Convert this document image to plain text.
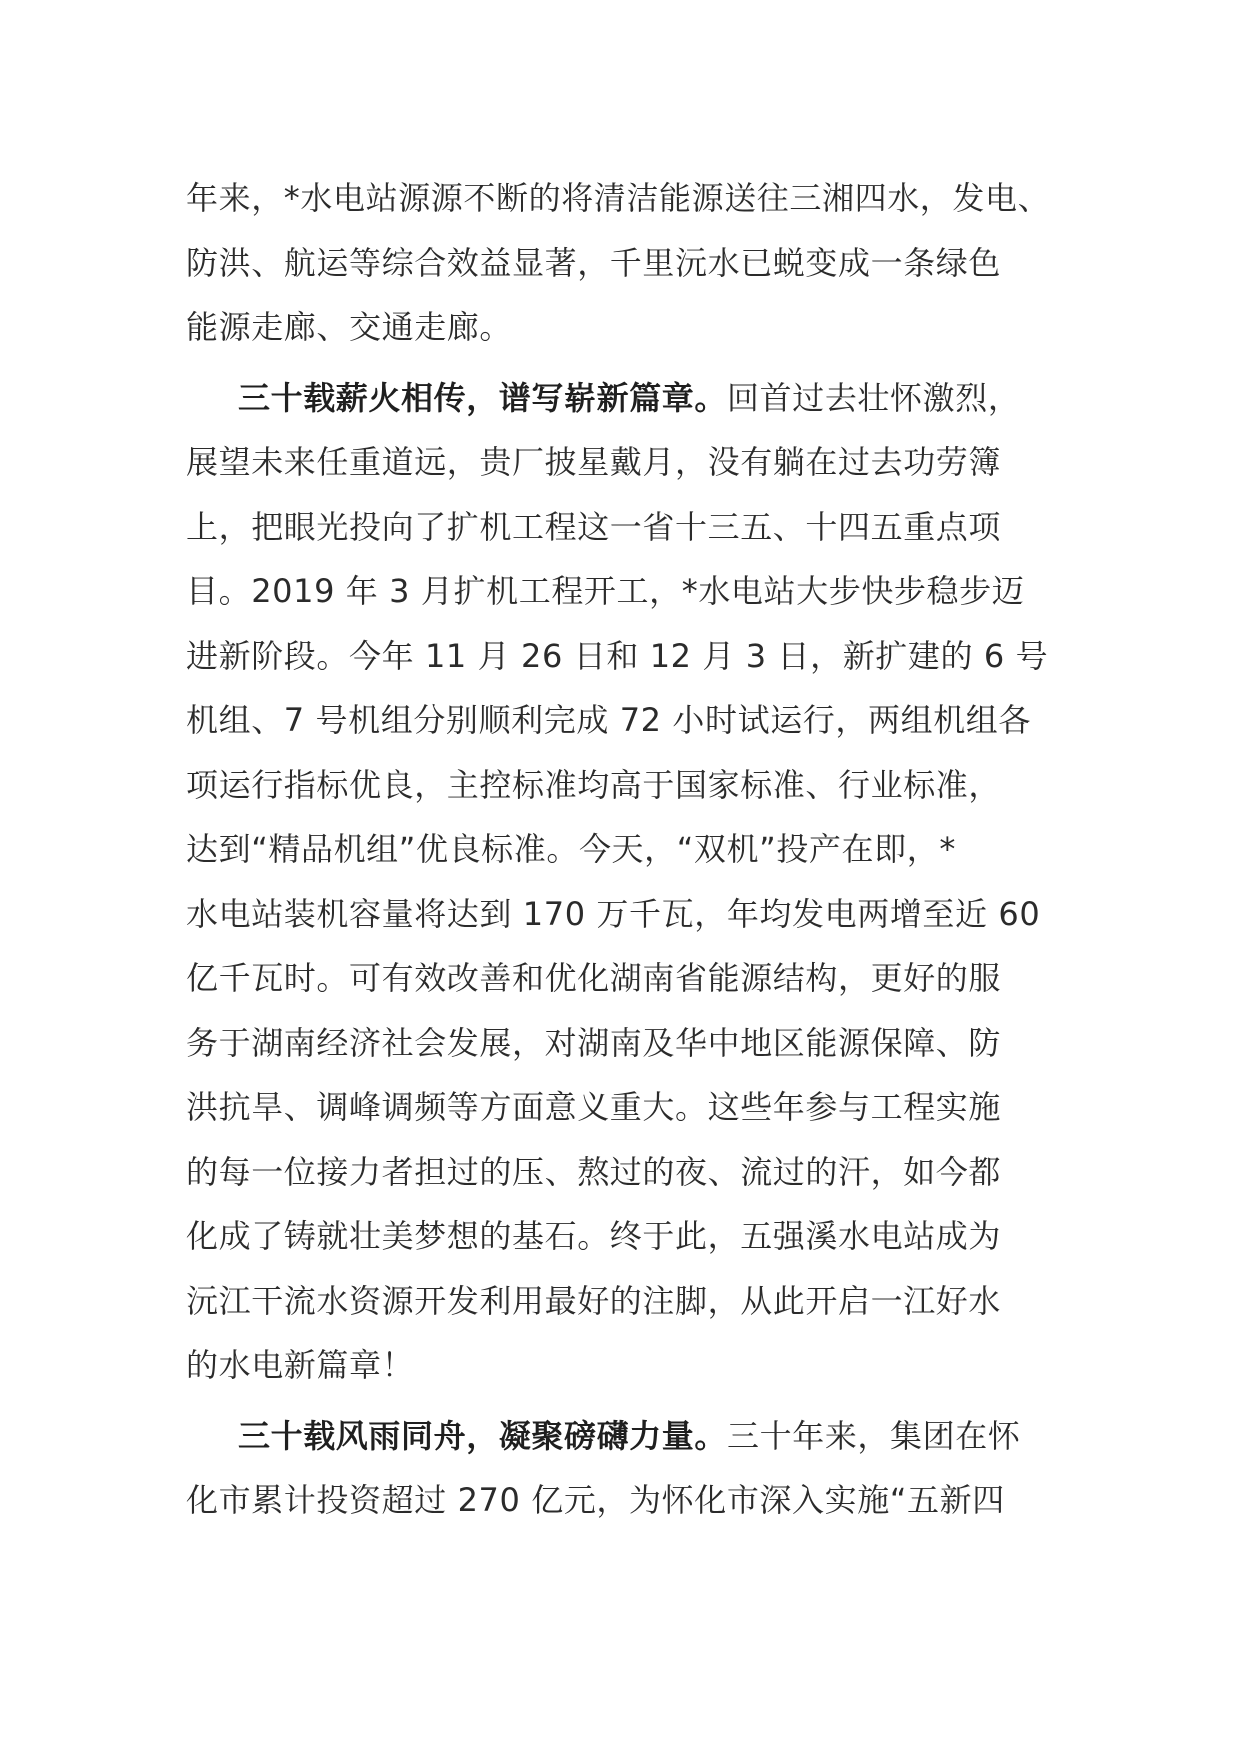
年来，*水电站源源不断的将清洁能源送往三湘四水，发电、
防洪、航运等综合效益显著，千里沅水已蜕变成一条绿色
能源走廊、交通走廊。
三十载薪火相传，谱写崭新篇章。回首过去壮怀激烈，
展望未来任重道远，贵厂披星戴月，没有躺在过去功劳簿
上，把眼光投向了扩机工程这一省十三五、十四五重点项
目。2019 年 3 月扩机工程开工，*水电站大步快步稳步迈
进新阶段。今年 11 月 26 日和 12 月 3 日，新扩建的 6 号
机组、7 号机组分别顺利完成 72 小时试运行，两组机组各
项运行指标优良，主控标准均高于国家标准、行业标准，
达到“精品机组”优良标准。今天，“双机”投产在即，*
水电站装机容量将达到 170 万千瓦，年均发电两增至近 60
亿千瓦时。可有效改善和优化湖南省能源结构，更好的服
务于湖南经济社会发展，对湖南及华中地区能源保障、防
洪抗旱、调峰调频等方面意义重大。这些年参与工程实施
的每一位接力者担过的压、熬过的夜、流过的汗，如今都
化成了铸就壮美梦想的基石。终于此，五强溪水电站成为
沅江干流水资源开发利用最好的注脚，从此开启一江好水
的水电新篇章！
三十载风雨同舟，凝聚磅礴力量。三十年来，集团在怀
化市累计投资超过 270 亿元，为怀化市深入实施“五新四
